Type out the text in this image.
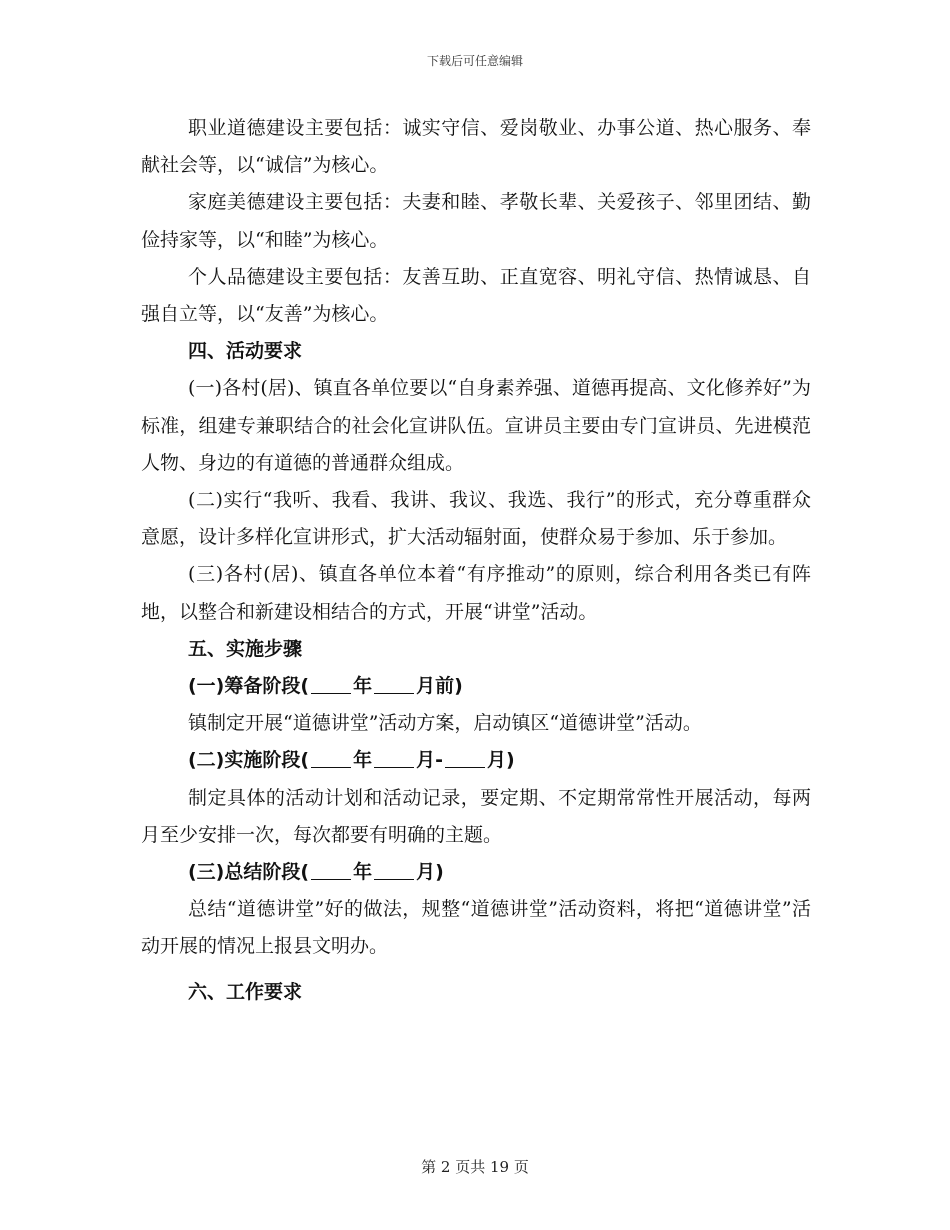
下载后可任意编辑

职业道德建设主要包括：诚实守信、爱岗敬业、办事公道、热心服务、奉献社会等，以“诚信”为核心。

家庭美德建设主要包括：夫妻和睦、孝敬长辈、关爱孩子、邻里团结、勤俭持家等，以“和睦”为核心。

个人品德建设主要包括：友善互助、正直宽容、明礼守信、热情诚恳、自强自立等，以“友善”为核心。

四、活动要求

(一)各村(居)、镇直各单位要以“自身素养强、道德再提高、文化修养好”为标准，组建专兼职结合的社会化宣讲队伍。宣讲员主要由专门宣讲员、先进模范人物、身边的有道德的普通群众组成。

(二)实行“我听、我看、我讲、我议、我选、我行”的形式，充分尊重群众意愿，设计多样化宣讲形式，扩大活动辐射面，使群众易于参加、乐于参加。

(三)各村(居)、镇直各单位本着“有序推动”的原则，综合利用各类已有阵地，以整合和新建设相结合的方式，开展“讲堂”活动。

五、实施步骤

(一)筹备阶段( 年 月前)

镇制定开展“道德讲堂”活动方案，启动镇区“道德讲堂”活动。

(二)实施阶段( 年 月- 月)

制定具体的活动计划和活动记录，要定期、不定期常常性开展活动，每两月至少安排一次，每次都要有明确的主题。

(三)总结阶段( 年 月)

总结“道德讲堂”好的做法，规整“道德讲堂”活动资料，将把“道德讲堂”活动开展的情况上报县文明办。

六、工作要求

第 2 页共 19 页
